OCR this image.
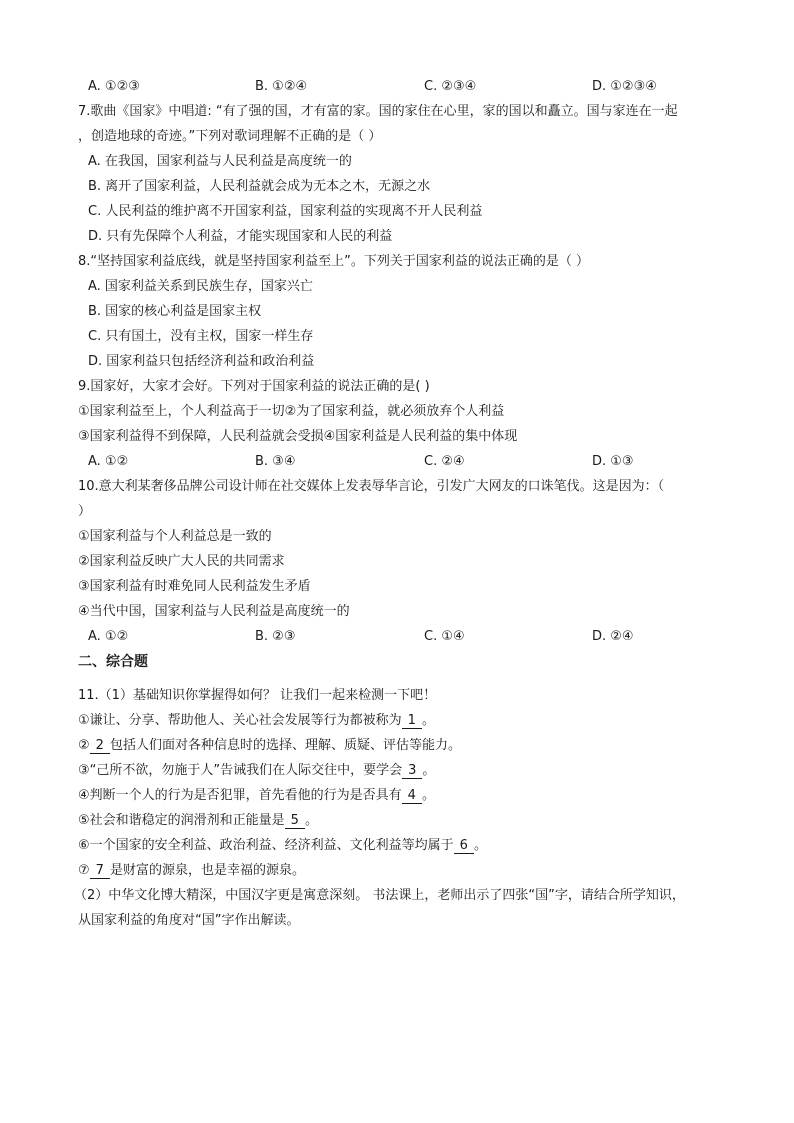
A. ①②③	B. ①②④	C. ②③④	D. ①②③④
7.歌曲《国家》中唱道: “有了强的国，才有富的家。国的家住在心里，家的国以和矗立。国与家连在一起
，创造地球的奇迹。”下列对歌词理解不正确的是（ ）
A. 在我国，国家利益与人民利益是高度统一的
B. 离开了国家利益，人民利益就会成为无本之木，无源之水
C. 人民利益的维护离不开国家利益，国家利益的实现离不开人民利益
D. 只有先保障个人利益，才能实现国家和人民的利益
8.“坚持国家利益底线，就是坚持国家利益至上”。下列关于国家利益的说法正确的是（ ）
A. 国家利益关系到民族生存，国家兴亡
B. 国家的核心利益是国家主权
C. 只有国土，没有主权，国家一样生存
D. 国家利益只包括经济利益和政治利益
9.国家好，大家才会好。下列对于国家利益的说法正确的是( )
①国家利益至上，个人利益高于一切②为了国家利益，就必须放弃个人利益
③国家利益得不到保障，人民利益就会受损④国家利益是人民利益的集中体现
A. ①②	B. ③④	C. ②④	D. ①③
10.意大利某奢侈品牌公司设计师在社交媒体上发表辱华言论，引发广大网友的口诛笔伐。这是因为：（
）
①国家利益与个人利益总是一致的
②国家利益反映广大人民的共同需求
③国家利益有时难免同人民利益发生矛盾
④当代中国，国家利益与人民利益是高度统一的
A. ①②	B. ②③	C. ①④	D. ②④
二、综合题
11.（1）基础知识你掌握得如何？ 让我们一起来检测一下吧！
①谦让、分享、帮助他人、关心社会发展等行为都被称为 1 。
② 2 包括人们面对各种信息时的选择、理解、质疑、评估等能力。
③“己所不欲，勿施于人”告诫我们在人际交往中，要学会 3 。
④判断一个人的行为是否犯罪，首先看他的行为是否具有 4 。
⑤社会和谐稳定的润滑剂和正能量是 5 。
⑥一个国家的安全利益、政治利益、经济利益、文化利益等均属于 6 。
⑦ 7 是财富的源泉，也是幸福的源泉。
（2）中华文化博大精深，中国汉字更是寓意深刻。 书法课上，老师出示了四张“国”字，请结合所学知识，
从国家利益的角度对“国”字作出解读。
